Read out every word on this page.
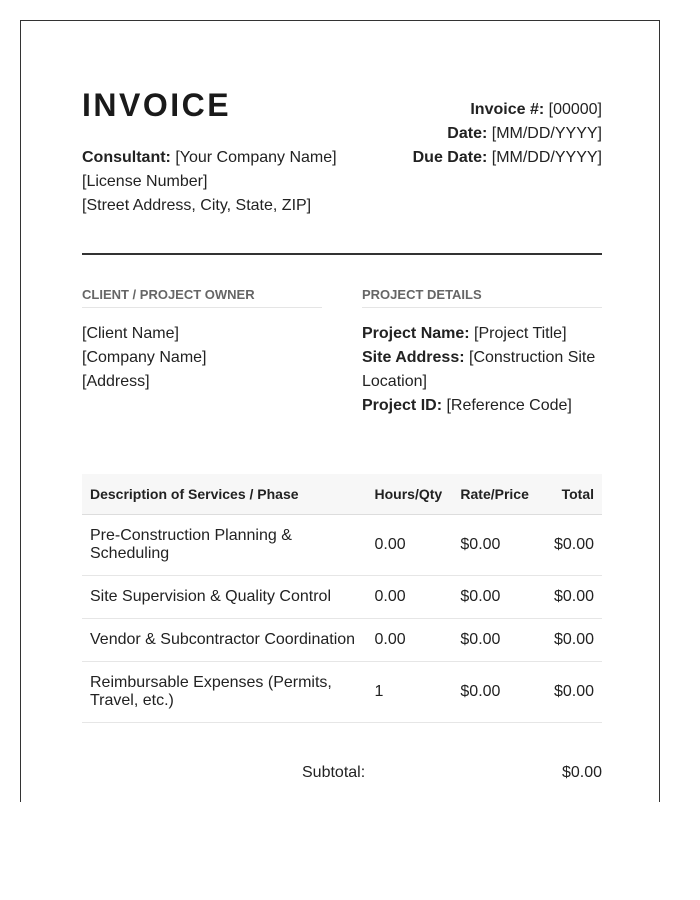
INVOICE
Consultant: [Your Company Name]
[License Number]
[Street Address, City, State, ZIP]
Invoice #: [00000]
Date: [MM/DD/YYYY]
Due Date: [MM/DD/YYYY]
CLIENT / PROJECT OWNER	PROJECT DETAILS
[Client Name]
[Company Name]
[Address]
Project Name: [Project Title]
Site Address: [Construction Site Location]
Project ID: [Reference Code]
Description of Services / Phase	Hours/Qty	Rate/Price	Total
Pre-Construction Planning & Scheduling	0.00	$0.00	$0.00
Site Supervision & Quality Control	0.00	$0.00	$0.00
Vendor & Subcontractor Coordination	0.00	$0.00	$0.00
Reimbursable Expenses (Permits, Travel, etc.)	1	$0.00	$0.00
Subtotal:	$0.00
